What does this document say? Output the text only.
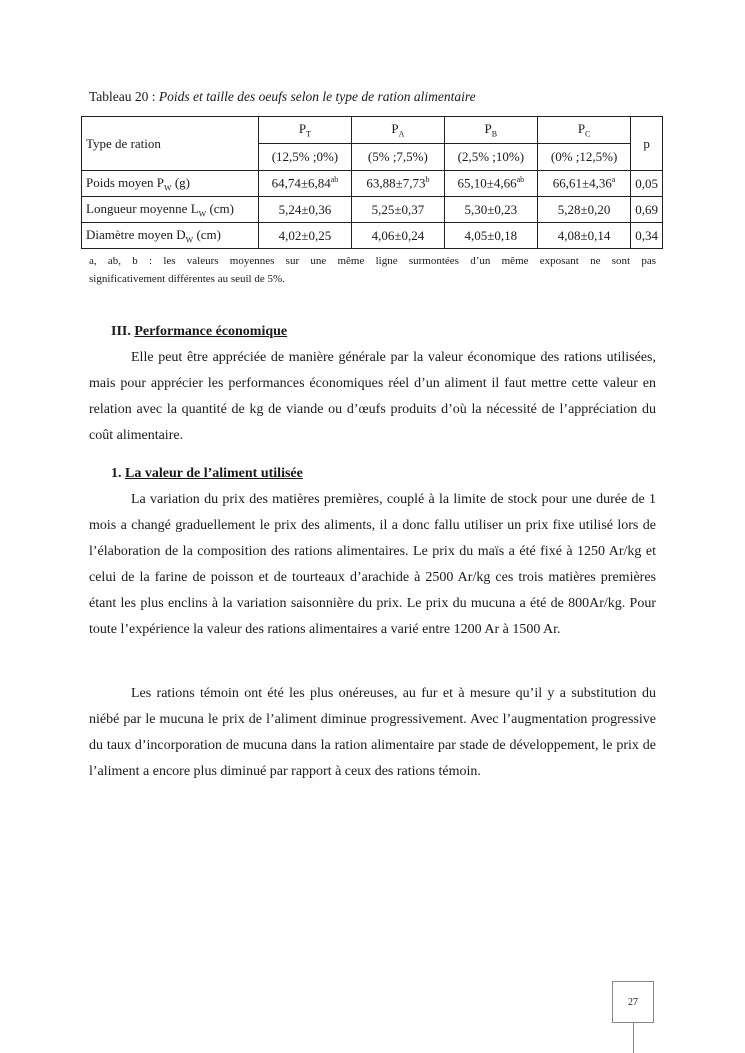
Tableau 20 : Poids et taille des oeufs selon le type de ration alimentaire
Type de ration	$P_T$	$P_A$	$P_B$	$P_C$	p
	(12,5% ;0%)	(5% ;7,5%)	(2,5% ;10%)	(0% ;12,5%)	
Poids moyen $P_W$ (g)	64,74±6,84$^{ab}$	63,88±7,73$^b$	65,10±4,66$^{ab}$	66,61±4,36$^a$	0,05
Longueur moyenne $L_W$ (cm)	5,24±0,36	5,25±0,37	5,30±0,23	5,28±0,20	0,69
Diamètre moyen $D_W$ (cm)	4,02±0,25	4,06±0,24	4,05±0,18	4,08±0,14	0,34
a, ab, b : les valeurs moyennes sur une même ligne surmontées d’un même exposant ne sont pas
significativement différentes au seuil de 5%.
III. Performance économique
Elle peut être appréciée de manière générale par la valeur économique des rations utilisées, mais pour apprécier les performances économiques réel d’un aliment il faut mettre cette valeur en relation avec la quantité de kg de viande ou d’œufs produits d’où la nécessité de l’appréciation du coût alimentaire.
1. La valeur de l’aliment utilisée
La variation du prix des matières premières, couplé à la limite de stock pour une durée de 1 mois a changé graduellement le prix des aliments, il a donc fallu utiliser un prix fixe utilisé lors de l’élaboration de la composition des rations alimentaires. Le prix du maïs a été fixé à 1250 Ar/kg et celui de la farine de poisson et de tourteaux d’arachide à 2500 Ar/kg ces trois matières premières étant les plus enclins à la variation saisonnière du prix. Le prix du mucuna a été de 800Ar/kg. Pour toute l’expérience la valeur des rations alimentaires a varié entre 1200 Ar à 1500 Ar.
Les rations témoin ont été les plus onéreuses, au fur et à mesure qu’il y a substitution du niébé par le mucuna le prix de l’aliment diminue progressivement. Avec l’augmentation progressive du taux d’incorporation de mucuna dans la ration alimentaire par stade de développement, le prix de l’aliment a encore plus diminué par rapport à ceux des rations témoin.
27
